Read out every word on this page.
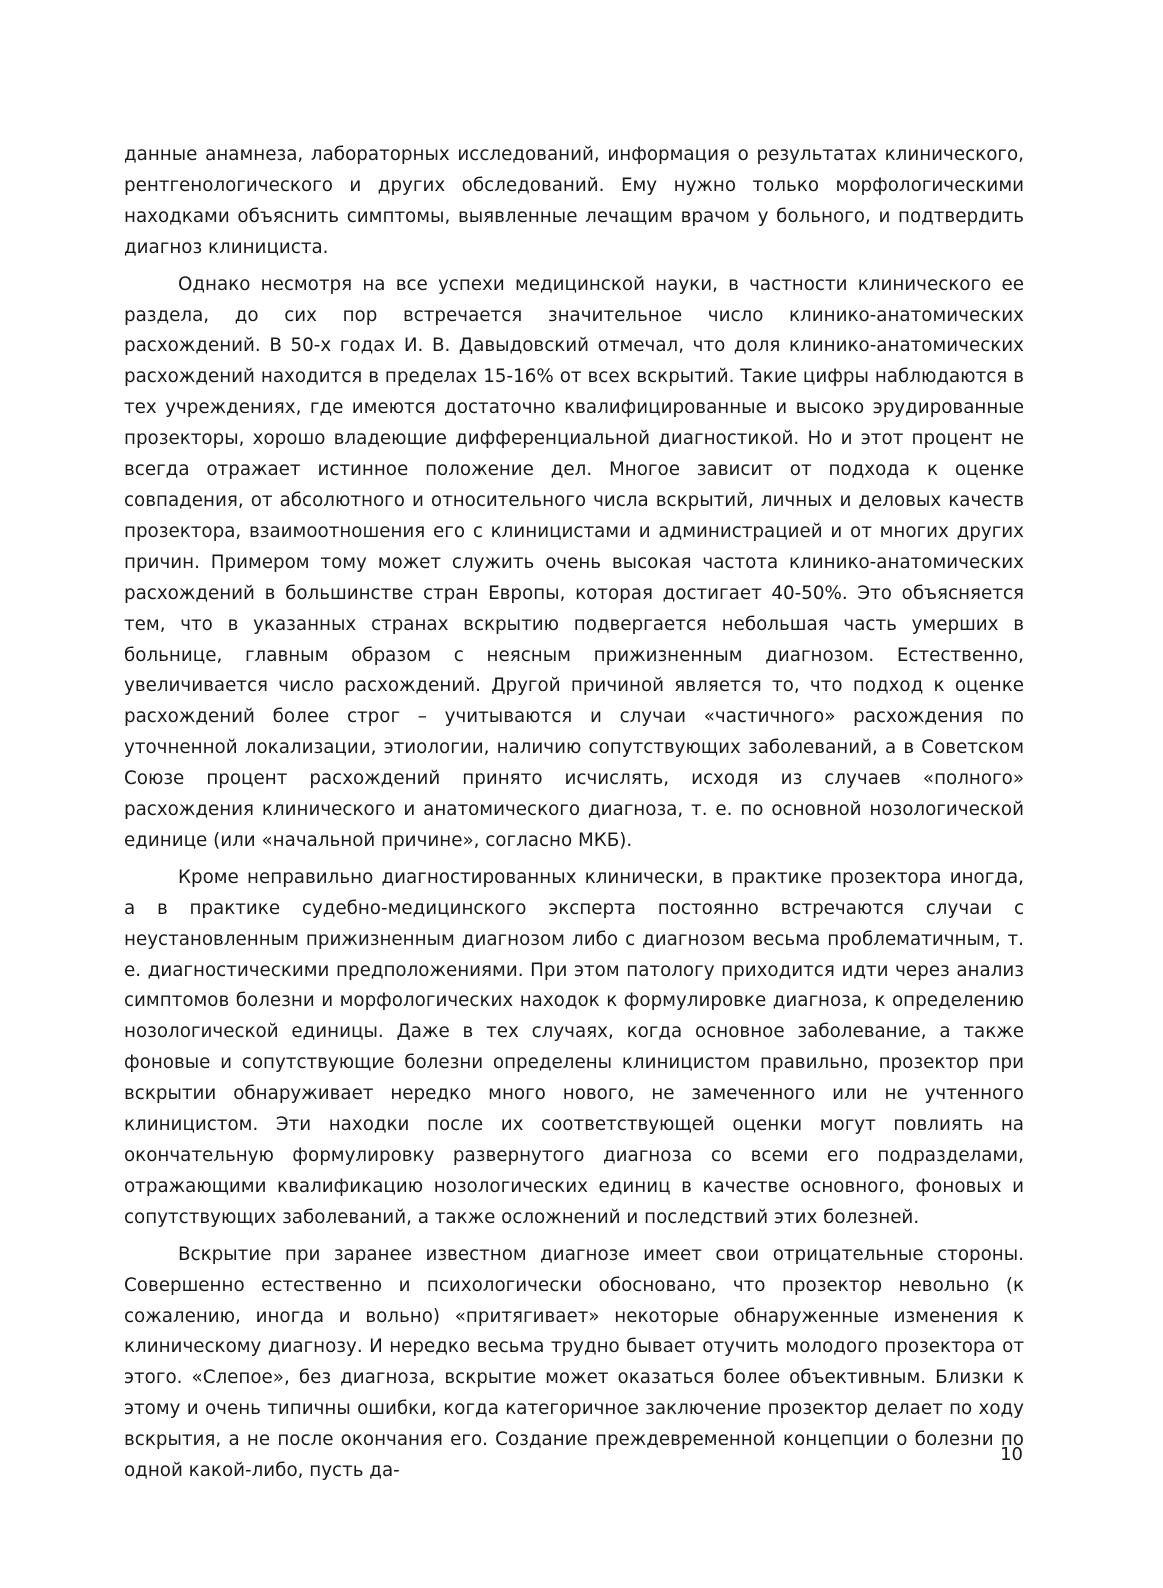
данные анамнеза, лабораторных исследований, информация о результатах клинического, рентгенологического и других обследований. Ему нужно только морфологическими находками объяснить симптомы, выявленные лечащим врачом у больного, и подтвердить диагноз клинициста.

Однако несмотря на все успехи медицинской науки, в частности клинического ее раздела, до сих пор встречается значительное число клинико-анатомических расхождений. В 50-х годах И. В. Давыдовский отмечал, что доля клинико-анатомических расхождений находится в пределах 15-16% от всех вскрытий. Такие цифры наблюдаются в тех учреждениях, где имеются достаточно квалифицированные и высоко эрудированные прозекторы, хорошо владеющие дифференциальной диагностикой. Но и этот процент не всегда отражает истинное положение дел. Многое зависит от подхода к оценке совпадения, от абсолютного и относительного числа вскрытий, личных и деловых качеств прозектора, взаимоотношения его с клиницистами и администрацией и от многих других причин. Примером тому может служить очень высокая частота клинико-анатомических расхождений в большинстве стран Европы, которая достигает 40-50%. Это объясняется тем, что в указанных странах вскрытию подвергается небольшая часть умерших в больнице, главным образом с неясным прижизненным диагнозом. Естественно, увеличивается число расхождений. Другой причиной является то, что подход к оценке расхождений более строг – учитываются и случаи «частичного» расхождения по уточненной локализации, этиологии, наличию сопутствующих заболеваний, а в Советском Союзе процент расхождений принято исчислять, исходя из случаев «полного» расхождения клинического и анатомического диагноза, т. е. по основной нозологической единице (или «начальной причине», согласно МКБ).

Кроме неправильно диагностированных клинически, в практике прозектора иногда, а в практике судебно-медицинского эксперта постоянно встречаются случаи с неустановленным прижизненным диагнозом либо с диагнозом весьма проблематичным, т. е. диагностическими предположениями. При этом патологу приходится идти через анализ симптомов болезни и морфологических находок к формулировке диагноза, к определению нозологической единицы. Даже в тех случаях, когда основное заболевание, а также фоновые и сопутствующие болезни определены клиницистом правильно, прозектор при вскрытии обнаруживает нередко много нового, не замеченного или не учтенного клиницистом. Эти находки после их соответствующей оценки могут повлиять на окончательную формулировку развернутого диагноза со всеми его подразделами, отражающими квалификацию нозологических единиц в качестве основного, фоновых и сопутствующих заболеваний, а также осложнений и последствий этих болезней.

Вскрытие при заранее известном диагнозе имеет свои отрицательные стороны. Совершенно естественно и психологически обосновано, что прозектор невольно (к сожалению, иногда и вольно) «притягивает» некоторые обнаруженные изменения к клиническому диагнозу. И нередко весьма трудно бывает отучить молодого прозектора от этого. «Слепое», без диагноза, вскрытие может оказаться более объективным. Близки к этому и очень типичны ошибки, когда категоричное заключение прозектор делает по ходу вскрытия, а не после окончания его. Создание преждевременной концепции о болезни по одной какой-либо, пусть да-

10
